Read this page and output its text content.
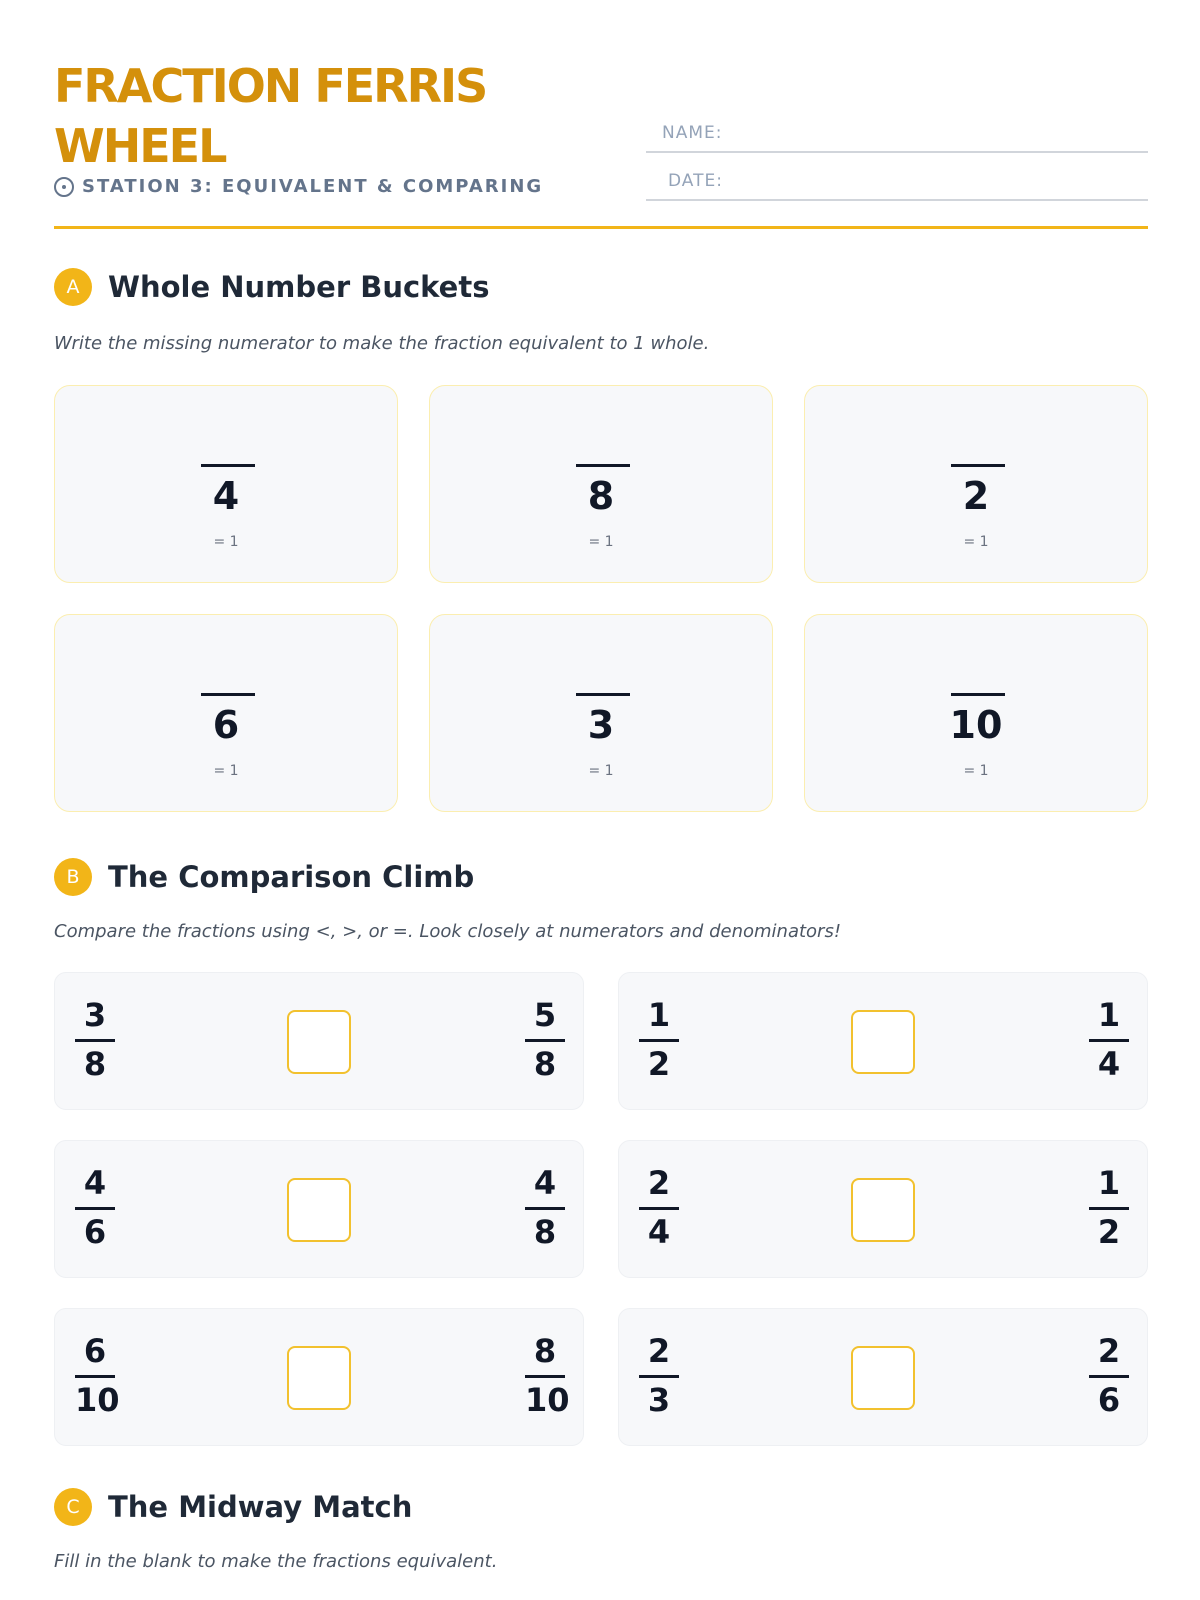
FRACTION FERRIS WHEEL
STATION 3: EQUIVALENT & COMPARING
NAME:
DATE:
A Whole Number Buckets
Write the missing numerator to make the fraction equivalent to 1 whole.
4
= 1
8
= 1
2
= 1
6
= 1
3
= 1
10
= 1
B The Comparison Climb
Compare the fractions using <, >, or =. Look closely at numerators and denominators!
3
8
5
8
1
2
1
4
4
6
4
8
2
4
1
2
6
10
8
10
2
3
2
6
C The Midway Match
Fill in the blank to make the fractions equivalent.
